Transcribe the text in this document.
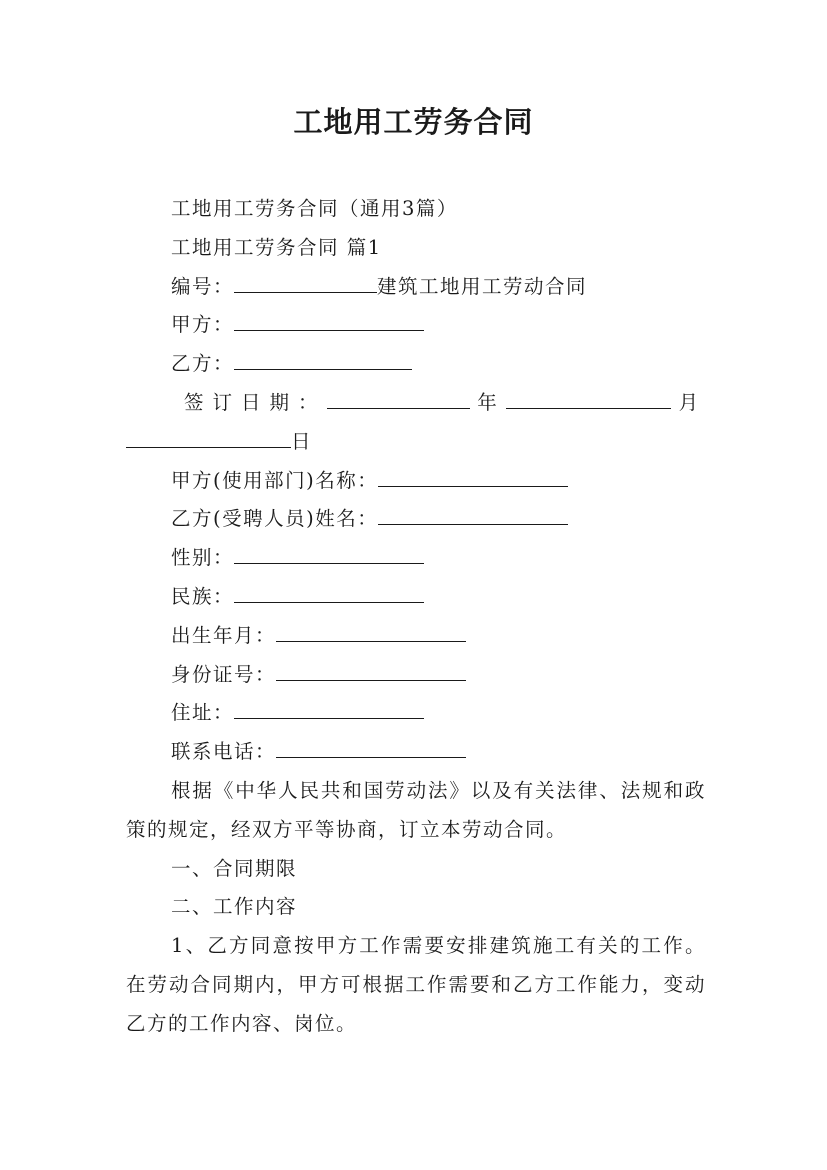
工地用工劳务合同
工地用工劳务合同（通用3篇）
工地用工劳务合同 篇1
编号：	建筑工地用工劳动合同
甲方：
乙方：
签订日期：	年	月
日
甲方(使用部门)名称：
乙方(受聘人员)姓名：
性别：
民族：
出生年月：
身份证号：
住址：
联系电话：
根据《中华人民共和国劳动法》以及有关法律、法规和政策的规定，经双方平等协商，订立本劳动合同。
一、合同期限
二、工作内容
1、乙方同意按甲方工作需要安排建筑施工有关的工作。在劳动合同期内，甲方可根据工作需要和乙方工作能力，变动乙方的工作内容、岗位。
